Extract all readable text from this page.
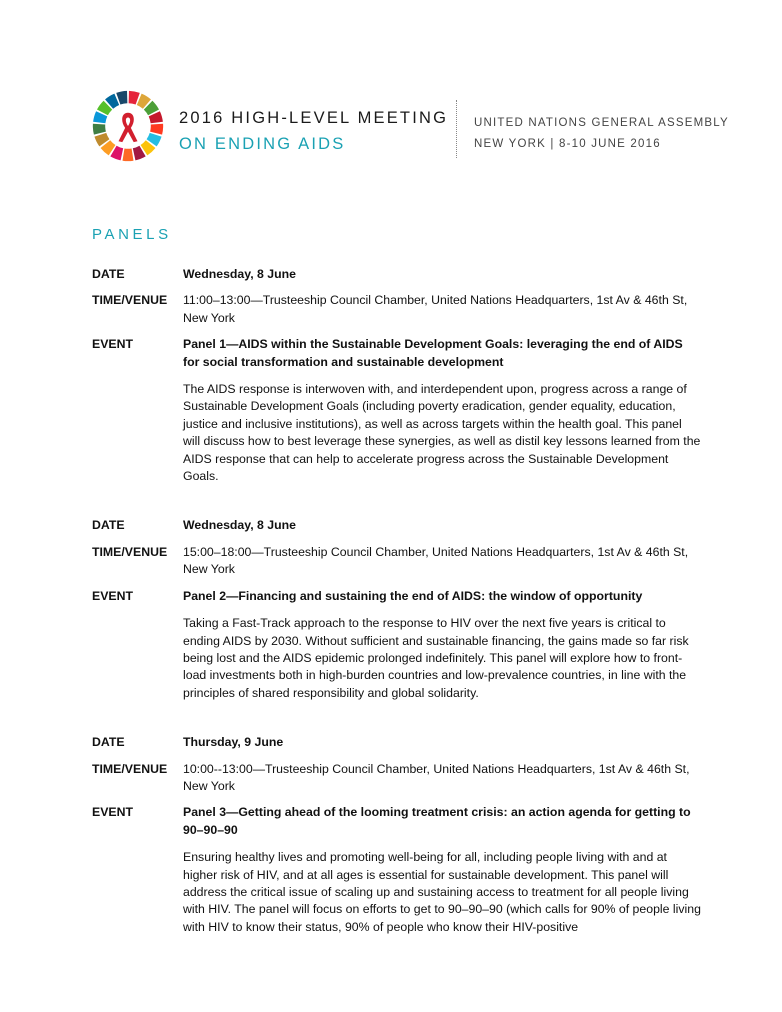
2016 HIGH-LEVEL MEETING
ON ENDING AIDS
UNITED NATIONS GENERAL ASSEMBLY
NEW YORK | 8-10 JUNE 2016
PANELS
DATE	Wednesday, 8 June
TIME/VENUE	11:00–13:00—Trusteeship Council Chamber, United Nations Headquarters, 1st Av & 46th St, New York
EVENT	Panel 1—AIDS within the Sustainable Development Goals: leveraging the end of AIDS for social transformation and sustainable development
The AIDS response is interwoven with, and interdependent upon, progress across a range of Sustainable Development Goals (including poverty eradication, gender equality, education, justice and inclusive institutions), as well as across targets within the health goal. This panel will discuss how to best leverage these synergies, as well as distil key lessons learned from the AIDS response that can help to accelerate progress across the Sustainable Development Goals.
DATE	Wednesday, 8 June
TIME/VENUE	15:00–18:00—Trusteeship Council Chamber, United Nations Headquarters, 1st Av & 46th St, New York
EVENT	Panel 2—Financing and sustaining the end of AIDS: the window of opportunity
Taking a Fast-Track approach to the response to HIV over the next five years is critical to ending AIDS by 2030. Without sufficient and sustainable financing, the gains made so far risk being lost and the AIDS epidemic prolonged indefinitely. This panel will explore how to front-load investments both in high-burden countries and low-prevalence countries, in line with the principles of shared responsibility and global solidarity.
DATE	Thursday, 9 June
TIME/VENUE	10:00--13:00—Trusteeship Council Chamber, United Nations Headquarters, 1st Av & 46th St, New York
EVENT	Panel 3—Getting ahead of the looming treatment crisis: an action agenda for getting to 90–90–90
Ensuring healthy lives and promoting well-being for all, including people living with and at higher risk of HIV, and at all ages is essential for sustainable development. This panel will address the critical issue of scaling up and sustaining access to treatment for all people living with HIV. The panel will focus on efforts to get to 90–90–90 (which calls for 90% of people living with HIV to know their status, 90% of people who know their HIV-positive
